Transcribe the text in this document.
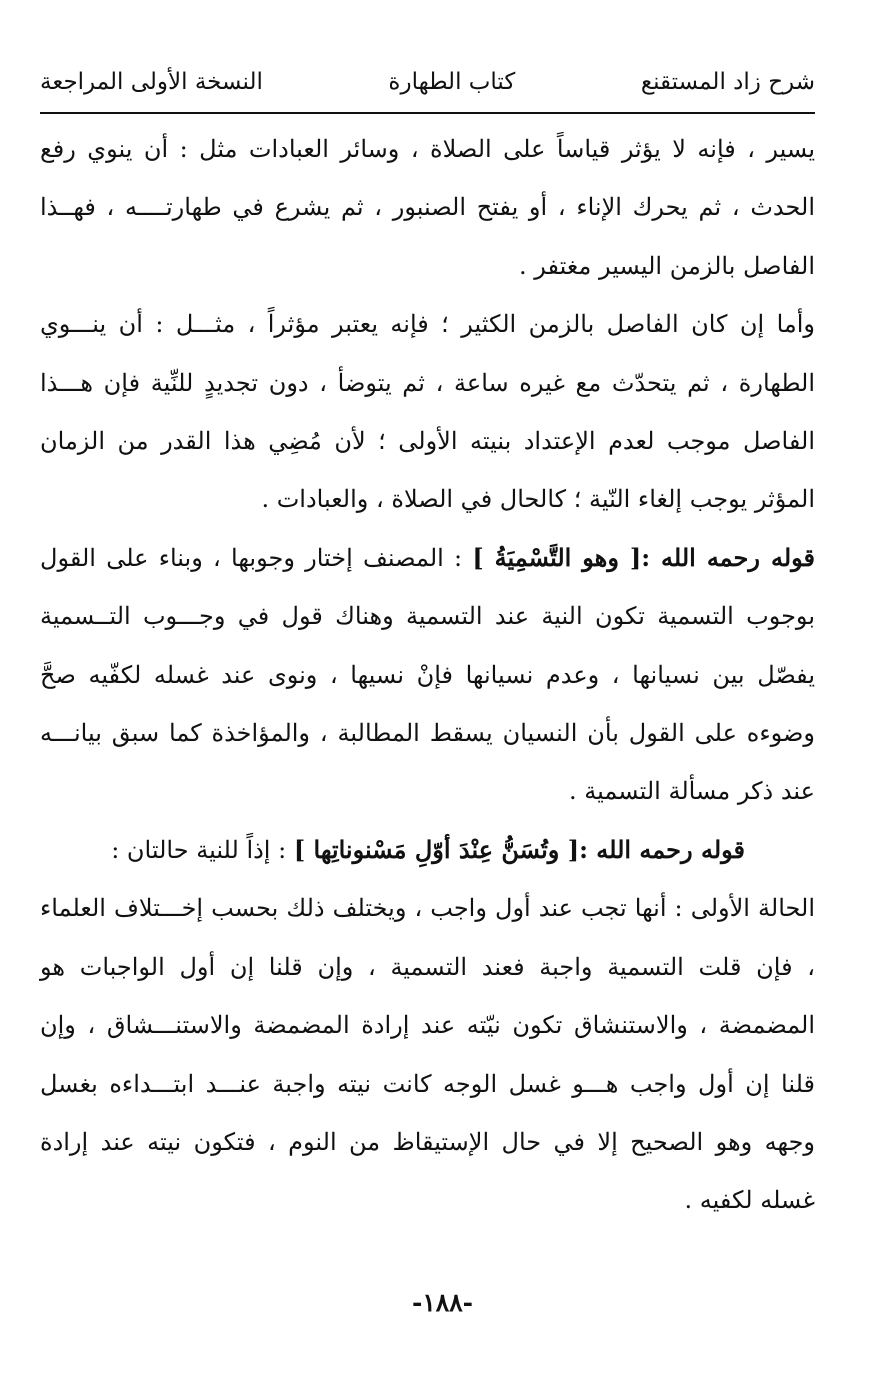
شرح زاد المستقنع
كتاب الطهارة
النسخة الأولى المراجعة

يسير ، فإنه لا يؤثر قياساً على الصلاة ، وسائر العبادات مثل : أن ينوي رفع الحدث ، ثم يحرك الإناء ، أو يفتح الصنبور ، ثم يشرع في طهارتــــه ، فهــذا الفاصل بالزمن اليسير مغتفر .

وأما إن كان الفاصل بالزمن الكثير ؛ فإنه يعتبر مؤثراً ، مثـــل : أن ينـــوي الطهارة ، ثم يتحدّث مع غيره ساعة ، ثم يتوضأ ، دون تجديدٍ للنِّية فإن هـــذا الفاصل موجب لعدم الإعتداد بنيته الأولى ؛ لأن مُضِي هذا القدر من الزمان المؤثر يوجب إلغاء النّية ؛ كالحال في الصلاة ، والعبادات .

قوله رحمه الله :[ وهو التَّسْمِيَةُ ] : المصنف إختار وجوبها ، وبناء على القول بوجوب التسمية تكون النية عند التسمية وهناك قول في وجـــوب التــسمية يفصّل بين نسيانها ، وعدم نسيانها فإنْ نسيها ، ونوى عند غسله لكفّيه صحَّ وضوءه على القول بأن النسيان يسقط المطالبة ، والمؤاخذة كما سبق بيانـــه عند ذكر مسألة التسمية .

قوله رحمه الله :[ وتُسَنُّ عِنْدَ أوّلِ مَسْنوناتِها ] : إذاً للنية حالتان :

الحالة الأولى : أنها تجب عند أول واجب ، ويختلف ذلك بحسب إخـــتلاف العلماء ، فإن قلت التسمية واجبة فعند التسمية ، وإن قلنا إن أول الواجبات هو المضمضة ، والاستنشاق تكون نيّته عند إرادة المضمضة والاستنـــشاق ، وإن قلنا إن أول واجب هـــو غسل الوجه كانت نيته واجبة عنـــد ابتـــداءه بغسل وجهه وهو الصحيح إلا في حال الإستيقاظ من النوم ، فتكون نيته عند إرادة غسله لكفيه .

-١٨٨-
